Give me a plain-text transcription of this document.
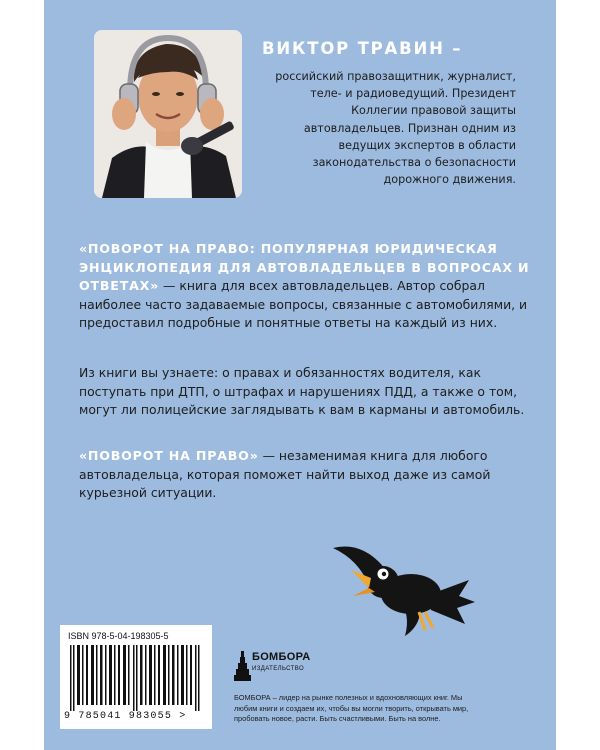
ВИКТОР ТРАВИН –

российский правозащитник, журналист, теле- и радиоведущий. Президент Коллегии правовой защиты автовладельцев. Признан одним из ведущих экспертов в области законодательства о безопасности дорожного движения.

«ПОВОРОТ НА ПРАВО: ПОПУЛЯРНАЯ ЮРИДИЧЕСКАЯ ЭНЦИКЛОПЕДИЯ ДЛЯ АВТОВЛАДЕЛЬЦЕВ В ВОПРОСАХ И ОТВЕТАХ» — книга для всех автовладельцев. Автор собрал наиболее часто задаваемые вопросы, связанные с автомобилями, и предоставил подробные и понятные ответы на каждый из них.

Из книги вы узнаете: о правах и обязанностях водителя, как поступать при ДТП, о штрафах и нарушениях ПДД, а также о том, могут ли полицейские заглядывать к вам в карманы и автомобиль.

«ПОВОРОТ НА ПРАВО» — незаменимая книга для любого автовладельца, которая поможет найти выход даже из самой курьезной ситуации.

ISBN 978-5-04-198305-5

9 785041 983055 >

БОМБОРА

ИЗДАТЕЛЬСТВО

БОМБОРА – лидер на рынке полезных и вдохновляющих книг. Мы любим книги и создаем их, чтобы вы могли творить, открывать мир, пробовать новое, расти. Быть счастливыми. Быть на волне.
